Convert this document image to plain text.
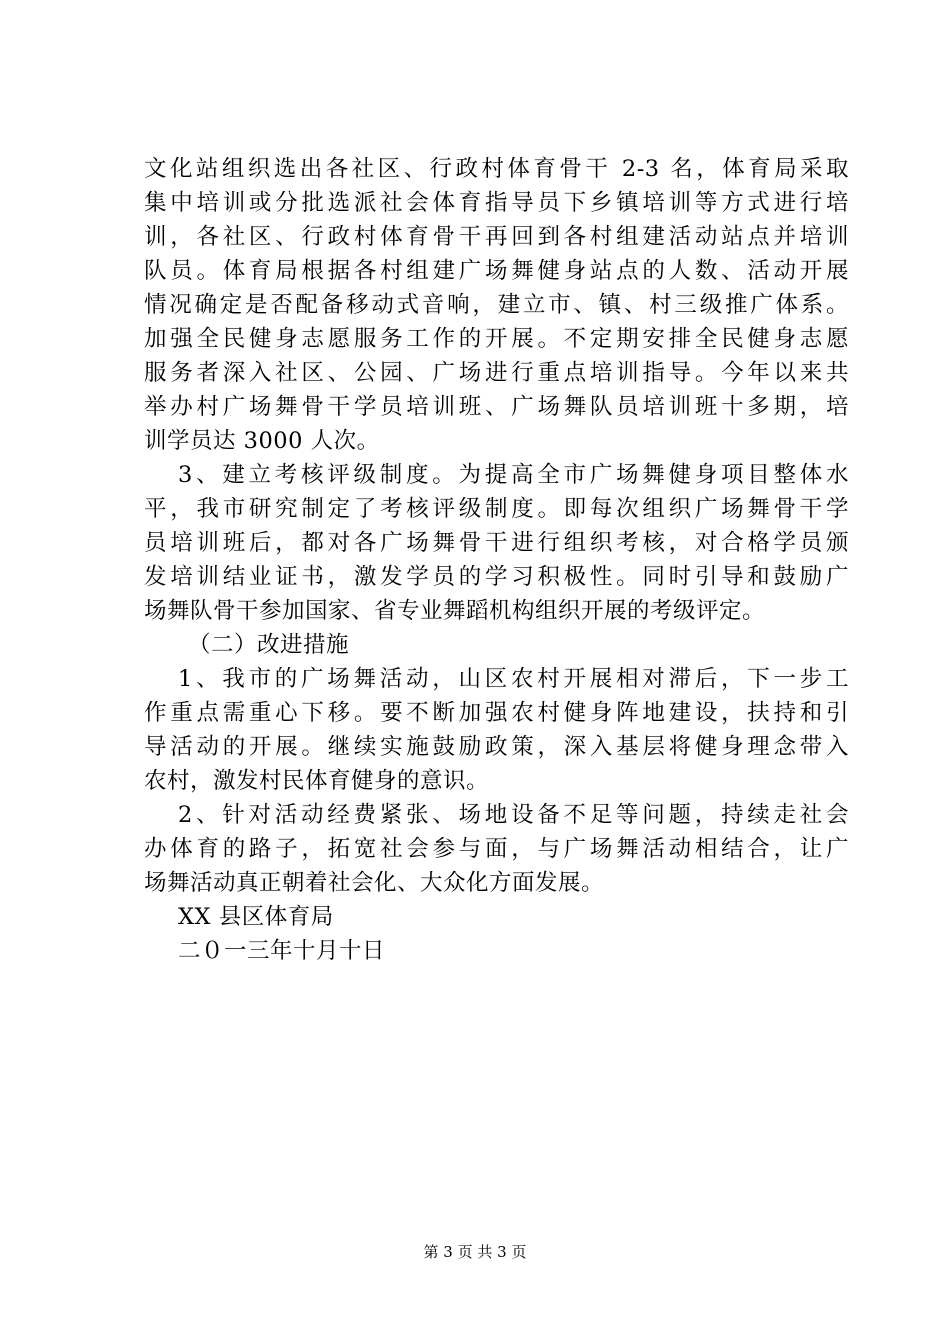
文化站组织选出各社区、行政村体育骨干 2-3 名，体育局采取
集中培训或分批选派社会体育指导员下乡镇培训等方式进行培
训，各社区、行政村体育骨干再回到各村组建活动站点并培训
队员。体育局根据各村组建广场舞健身站点的人数、活动开展
情况确定是否配备移动式音响，建立市、镇、村三级推广体系。
加强全民健身志愿服务工作的开展。不定期安排全民健身志愿
服务者深入社区、公园、广场进行重点培训指导。今年以来共
举办村广场舞骨干学员培训班、广场舞队员培训班十多期，培
训学员达 3000 人次。
3、建立考核评级制度。为提高全市广场舞健身项目整体水
平，我市研究制定了考核评级制度。即每次组织广场舞骨干学
员培训班后，都对各广场舞骨干进行组织考核，对合格学员颁
发培训结业证书，激发学员的学习积极性。同时引导和鼓励广
场舞队骨干参加国家、省专业舞蹈机构组织开展的考级评定。
（二）改进措施
1、我市的广场舞活动，山区农村开展相对滞后，下一步工
作重点需重心下移。要不断加强农村健身阵地建设，扶持和引
导活动的开展。继续实施鼓励政策，深入基层将健身理念带入
农村，激发村民体育健身的意识。
2、针对活动经费紧张、场地设备不足等问题，持续走社会
办体育的路子，拓宽社会参与面，与广场舞活动相结合，让广
场舞活动真正朝着社会化、大众化方面发展。
XX 县区体育局
二０一三年十月十日
第 3 页 共 3 页
